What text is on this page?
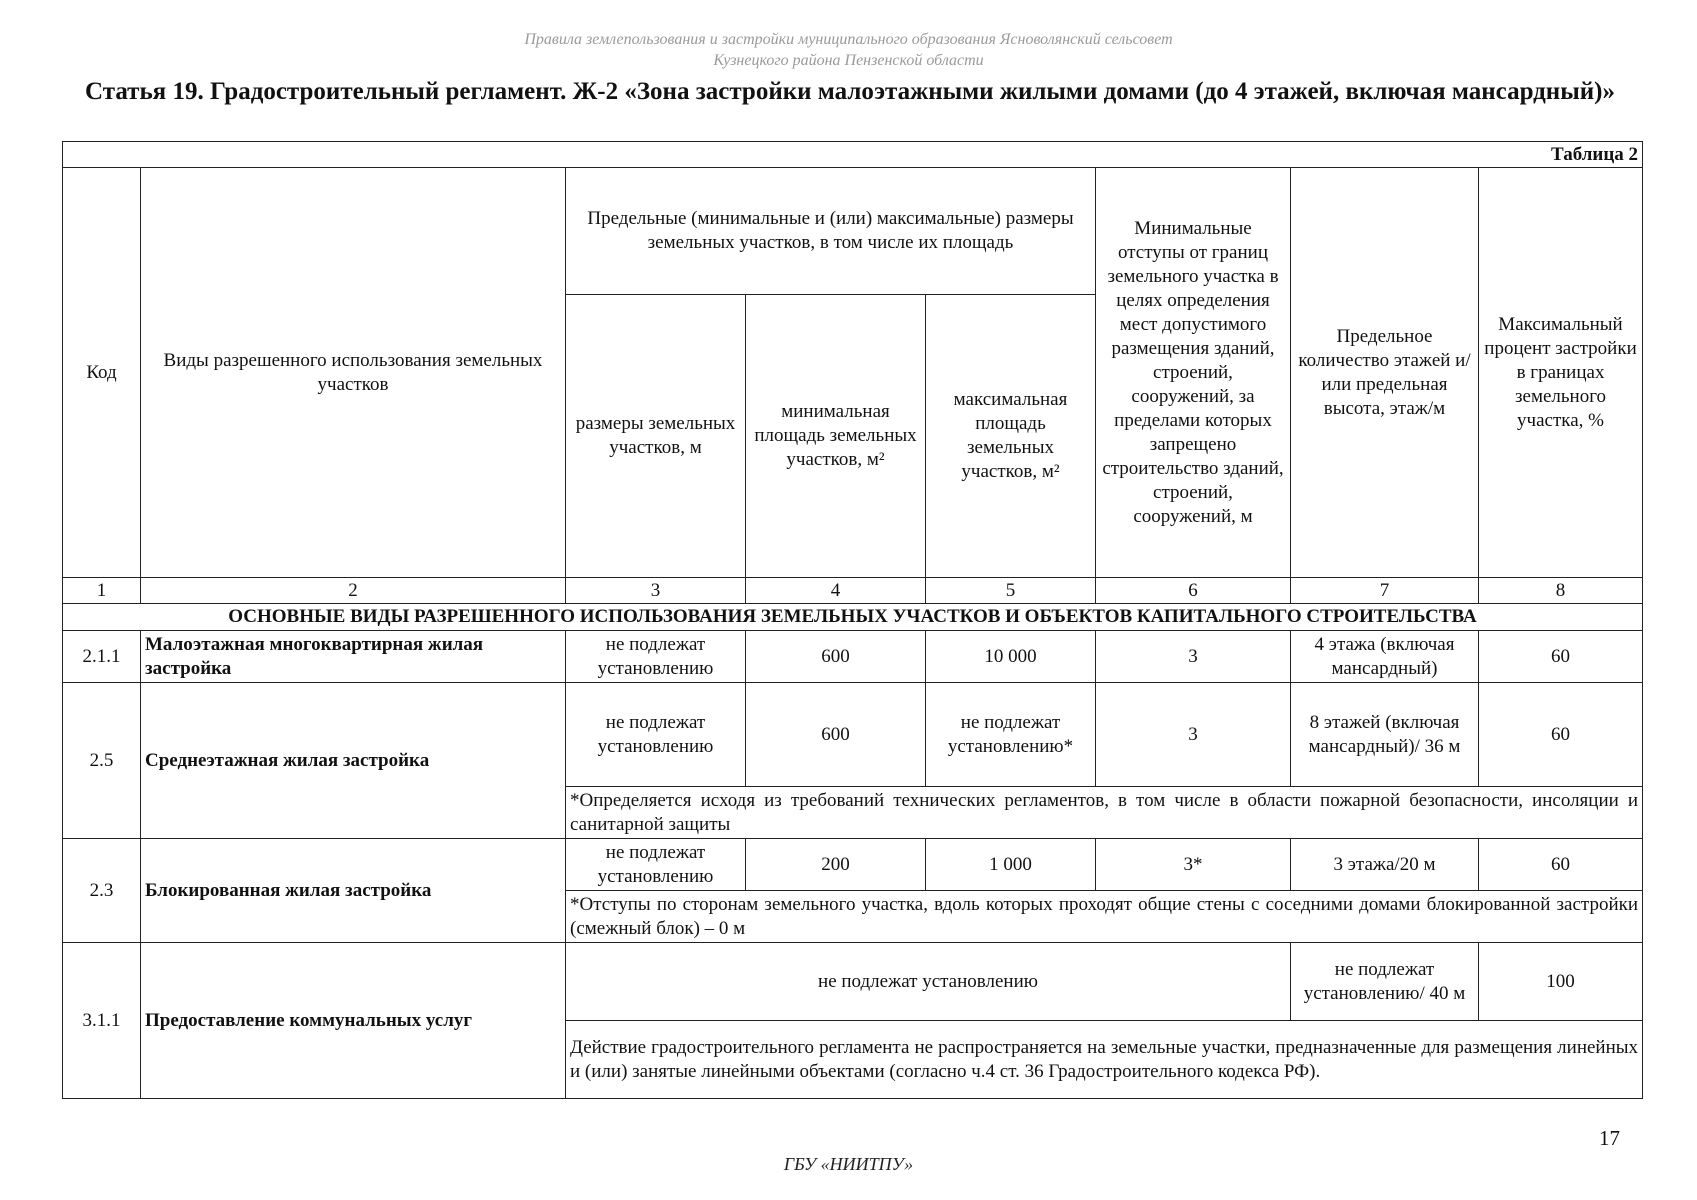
Правила землепользования и застройки муниципального образования Ясноволянский сельсовет
Кузнецкого района Пензенской области
Статья 19. Градостроительный регламент. Ж-2 «Зона застройки малоэтажными жилыми домами (до 4 этажей, включая мансардный)»
Таблица 2							
Код	Виды разрешенного использования земельных участков	Предельные (минимальные и (или) максимальные) размеры земельных участков, в том числе их площадь			Минимальные отступы от границ земельного участка в целях определения мест допустимого размещения зданий, строений, сооружений, за пределами которых запрещено строительство зданий, строений, сооружений, м	Предельное количество этажей и/или предельная высота, этаж/м	Максимальный процент застройки в границах земельного участка, %
		размеры земельных участков, м	минимальная площадь земельных участков, м²	максимальная площадь земельных участков, м²			
1	2	3	4	5	6	7	8
ОСНОВНЫЕ ВИДЫ РАЗРЕШЕННОГО ИСПОЛЬЗОВАНИЯ ЗЕМЕЛЬНЫХ УЧАСТКОВ И ОБЪЕКТОВ КАПИТАЛЬНОГО СТРОИТЕЛЬСТВА							
2.1.1	Малоэтажная многоквартирная жилая застройка	не подлежат установлению	600	10 000	3	4 этажа (включая мансардный)	60
2.5	Среднеэтажная жилая застройка	не подлежат установлению	600	не подлежат установлению*	3	8 этажей (включая мансардный)/ 36 м	60
		*Определяется исходя из требований технических регламентов, в том числе в области пожарной безопасности, инсоляции и санитарной защиты					
2.3	Блокированная жилая застройка	не подлежат установлению	200	1 000	3*	3 этажа/20 м	60
		*Отступы по сторонам земельного участка, вдоль которых проходят общие стены с соседними домами блокированной застройки (смежный блок) – 0 м					
3.1.1	Предоставление коммунальных услуг	не подлежат установлению				не подлежат установлению/ 40 м	100
		Действие градостроительного регламента не распространяется на земельные участки, предназначенные для размещения линейных и (или) занятые линейными объектами (согласно ч.4 ст. 36 Градостроительного кодекса РФ).					
17
ГБУ «НИИТПУ»
